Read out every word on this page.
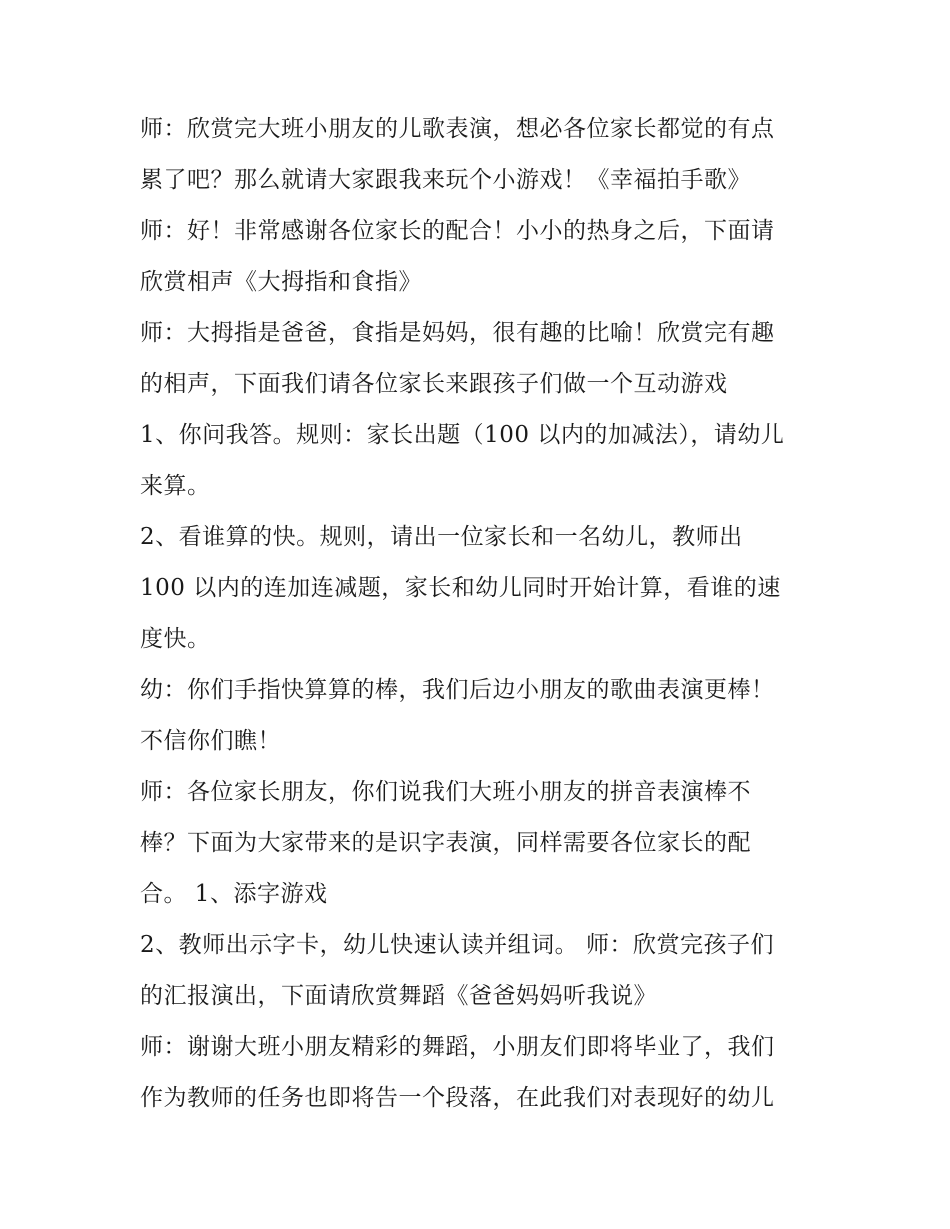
师：欣赏完大班小朋友的儿歌表演，想必各位家长都觉的有点
累了吧？那么就请大家跟我来玩个小游戏！《幸福拍手歌》
师：好！非常感谢各位家长的配合！小小的热身之后，下面请
欣赏相声《大拇指和食指》
师：大拇指是爸爸，食指是妈妈，很有趣的比喻！欣赏完有趣
的相声，下面我们请各位家长来跟孩子们做一个互动游戏
1、你问我答。规则：家长出题（100 以内的加减法），请幼儿
来算。
2、看谁算的快。规则，请出一位家长和一名幼儿，教师出
100 以内的连加连减题，家长和幼儿同时开始计算，看谁的速
度快。
幼：你们手指快算算的棒，我们后边小朋友的歌曲表演更棒！
不信你们瞧！
师：各位家长朋友，你们说我们大班小朋友的拼音表演棒不
棒？下面为大家带来的是识字表演，同样需要各位家长的配
合。 1、添字游戏
2、教师出示字卡，幼儿快速认读并组词。 师：欣赏完孩子们
的汇报演出，下面请欣赏舞蹈《爸爸妈妈听我说》
师：谢谢大班小朋友精彩的舞蹈，小朋友们即将毕业了，我们
作为教师的任务也即将告一个段落，在此我们对表现好的幼儿
